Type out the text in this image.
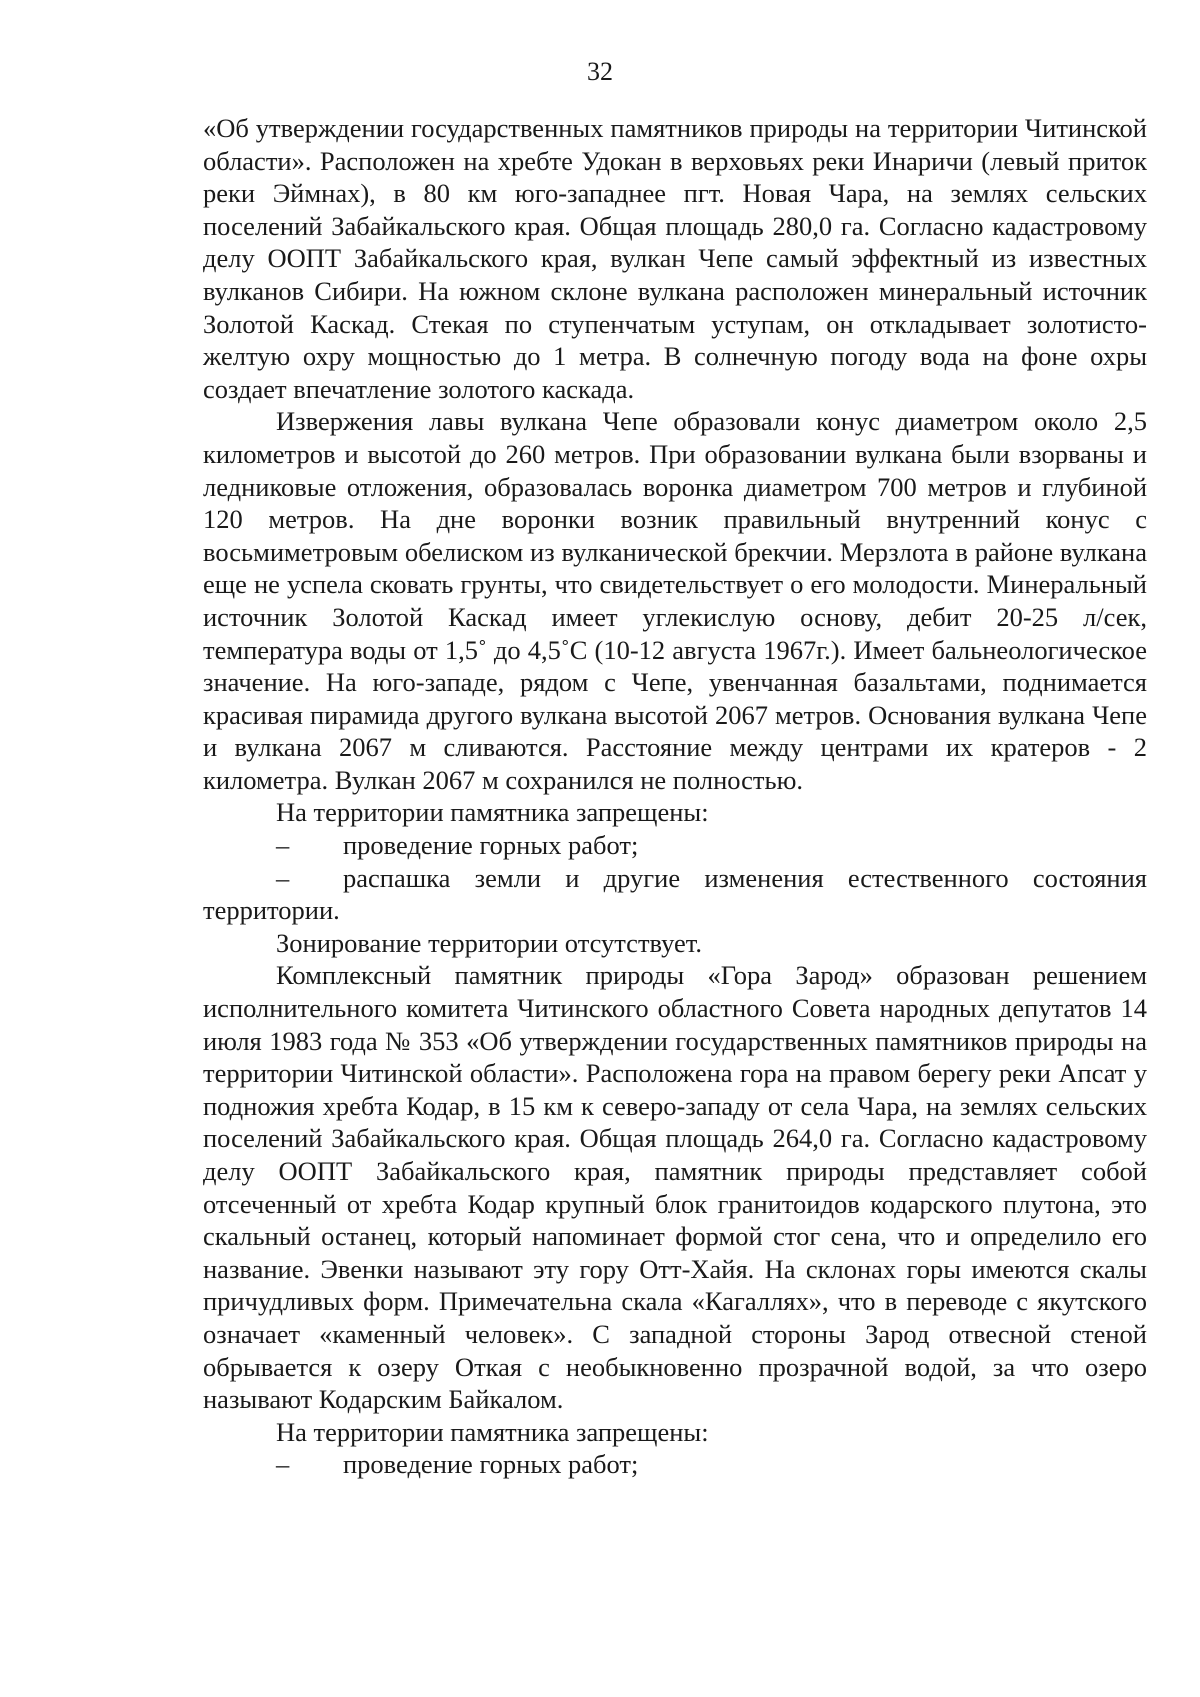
32

«Об утверждении государственных памятников природы на территории Читинской области». Расположен на хребте Удокан в верховьях реки Инаричи (левый приток реки Эймнах), в 80 км юго-западнее пгт. Новая Чара, на землях сельских поселений Забайкальского края. Общая площадь 280,0 га. Согласно кадастровому делу ООПТ Забайкальского края, вулкан Чепе самый эффектный из известных вулканов Сибири. На южном склоне вулкана расположен минеральный источник Золотой Каскад. Стекая по ступенчатым уступам, он откладывает золотисто-желтую охру мощностью до 1 метра. В солнечную погоду вода на фоне охры создает впечатление золотого каскада.

Извержения лавы вулкана Чепе образовали конус диаметром около 2,5 километров и высотой до 260 метров. При образовании вулкана были взорваны и ледниковые отложения, образовалась воронка диаметром 700 метров и глубиной 120 метров. На дне воронки возник правильный внутренний конус с восьмиметровым обелиском из вулканической брекчии. Мерзлота в районе вулкана еще не успела сковать грунты, что свидетельствует о его молодости. Минеральный источник Золотой Каскад имеет углекислую основу, дебит 20-25 л/сек, температура воды от 1,5˚ до 4,5˚С (10-12 августа 1967г.). Имеет бальнеологическое значение. На юго-западе, рядом с Чепе, увенчанная базальтами, поднимается красивая пирамида другого вулкана высотой 2067 метров. Основания вулкана Чепе и вулкана 2067 м сливаются. Расстояние между центрами их кратеров - 2 километра. Вулкан 2067 м сохранился не полностью.

На территории памятника запрещены:

– проведение горных работ;

– распашка земли и другие изменения естественного состояния территории.

Зонирование территории отсутствует.

Комплексный памятник природы «Гора Зарод» образован решением исполнительного комитета Читинского областного Совета народных депутатов 14 июля 1983 года № 353 «Об утверждении государственных памятников природы на территории Читинской области». Расположена гора на правом берегу реки Апсат у подножия хребта Кодар, в 15 км к северо-западу от села Чара, на землях сельских поселений Забайкальского края. Общая площадь 264,0 га. Согласно кадастровому делу ООПТ Забайкальского края, памятник природы представляет собой отсеченный от хребта Кодар крупный блок гранитоидов кодарского плутона, это скальный останец, который напоминает формой стог сена, что и определило его название. Эвенки называют эту гору Отт-Хайя. На склонах горы имеются скалы причудливых форм. Примечательна скала «Кагаллях», что в переводе с якутского означает «каменный человек». С западной стороны Зарод отвесной стеной обрывается к озеру Откая с необыкновенно прозрачной водой, за что озеро называют Кодарским Байкалом.

На территории памятника запрещены:

– проведение горных работ;
